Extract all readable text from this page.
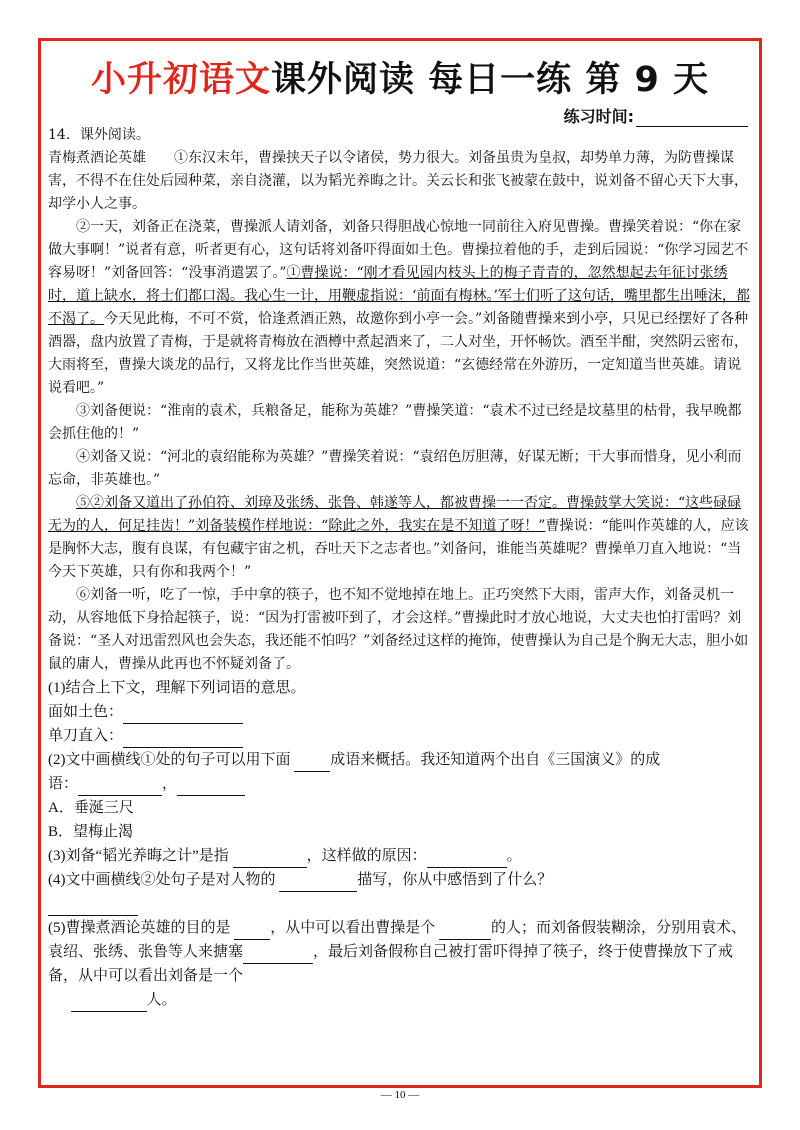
小升初语文课外阅读 每日一练 第 9 天
练习时间:

14．课外阅读。

青梅煮酒论英雄   ①东汉末年，曹操挟天子以令诸侯，势力很大。刘备虽贵为皇叔，却势单力薄，为防曹操谋害，不得不在住处后园种菜，亲自浇灌，以为韬光养晦之计。关云长和张飞被蒙在鼓中，说刘备不留心天下大事，却学小人之事。

②一天，刘备正在浇菜，曹操派人请刘备，刘备只得胆战心惊地一同前往入府见曹操。曹操笑着说：“你在家做大事啊！”说者有意，听者更有心，这句话将刘备吓得面如土色。曹操拉着他的手，走到后园说：“你学习园艺不容易呀！”刘备回答：“没事消遣罢了。”①曹操说：“刚才看见园内枝头上的梅子青青的，忽然想起去年征讨张绣时，道上缺水，将士们都口渴。我心生一计，用鞭虚指说：‘前面有梅林。’军士们听了这句话，嘴里都生出唾沫，都不渴了。今天见此梅，不可不赏，恰逢煮酒正熟，故邀你到小亭一会。”刘备随曹操来到小亭，只见已经摆好了各种酒器，盘内放置了青梅，于是就将青梅放在酒樽中煮起酒来了，二人对坐，开怀畅饮。酒至半酣，突然阴云密布，大雨将至，曹操大谈龙的品行，又将龙比作当世英雄，突然说道：“玄德经常在外游历，一定知道当世英雄。请说说看吧。”

③刘备便说：“淮南的袁术，兵粮备足，能称为英雄？”曹操笑道：“袁术不过已经是坟墓里的枯骨，我早晚都会抓住他的！”

④刘备又说：“河北的袁绍能称为英雄？”曹操笑着说：“袁绍色厉胆薄，好谋无断；干大事而惜身，见小利而忘命，非英雄也。”

⑤②刘备又道出了孙伯符、刘璋及张绣、张鲁、韩遂等人，都被曹操一一否定。曹操鼓掌大笑说：“这些碌碌无为的人，何足挂齿！”刘备装模作样地说：“除此之外，我实在是不知道了呀！”曹操说：“能叫作英雄的人，应该是胸怀大志，腹有良谋，有包藏宇宙之机，吞吐天下之志者也。”刘备问，谁能当英雄呢？曹操单刀直入地说：“当今天下英雄，只有你和我两个！”

⑥刘备一听，吃了一惊，手中拿的筷子，也不知不觉地掉在地上。正巧突然下大雨，雷声大作，刘备灵机一动，从容地低下身拾起筷子，说：“因为打雷被吓到了，才会这样。”曹操此时才放心地说，大丈夫也怕打雷吗？刘备说：“圣人对迅雷烈风也会失态，我还能不怕吗？”刘备经过这样的掩饰，使曹操认为自己是个胸无大志，胆小如鼠的庸人，曹操从此再也不怀疑刘备了。

(1)结合上下文，理解下列词语的意思。

面如土色：

单刀直入：

(2)文中画横线①处的句子可以用下面	成语来概括。我还知道两个出自《三国演义》的成

语：	，

A．垂涎三尺

B．望梅止渴

(3)刘备“韬光养晦之计”是指	，这样做的原因：	。

(4)文中画横线②处句子是对人物的	描写，你从中感悟到了什么？

(5)曹操煮酒论英雄的目的是	，从中可以看出曹操是个	的人；而刘备假装糊涂，分别用袁术、袁绍、张绣、张鲁等人来搪塞	，最后刘备假称自己被打雷吓得掉了筷子，终于使曹操放下了戒备，从中可以看出刘备是一个

  人。

— 10 —
